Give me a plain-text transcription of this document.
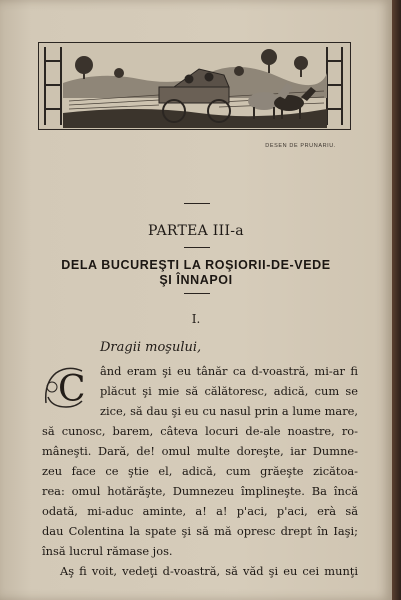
DESEN DE PRUNARIU.
PARTEA III-a
DELA BUCUREŞTI LA ROŞIORII-DE-VEDE
ŞI ÎNNAPOI
I.
Dragii moşului,
C ând eram şi eu tânăr ca d-voastră, mi-ar fi
plăcut şi mie să călătoresc, adică, cum se
zice, să dau şi eu cu nasul prin a lume mare,
să cunosc, barem, câteva locuri de-ale noastre, ro-
mâneşti. Dară, de! omul multe doreşte, iar Dumne-
zeu face ce ştie el, adică, cum grăeşte zicătoa-
rea: omul hotărăşte, Dumnezeu împlineşte. Ba încă
odată, mi-aduc aminte, a! a! p'aci, p'aci, erà să
dau Colentina la spate şi să mă opresc drept în Iaşi;
însă lucrul rămase jos.
Aş fi voit, vedeţi d-voastră, să văd şi eu cei munţi
